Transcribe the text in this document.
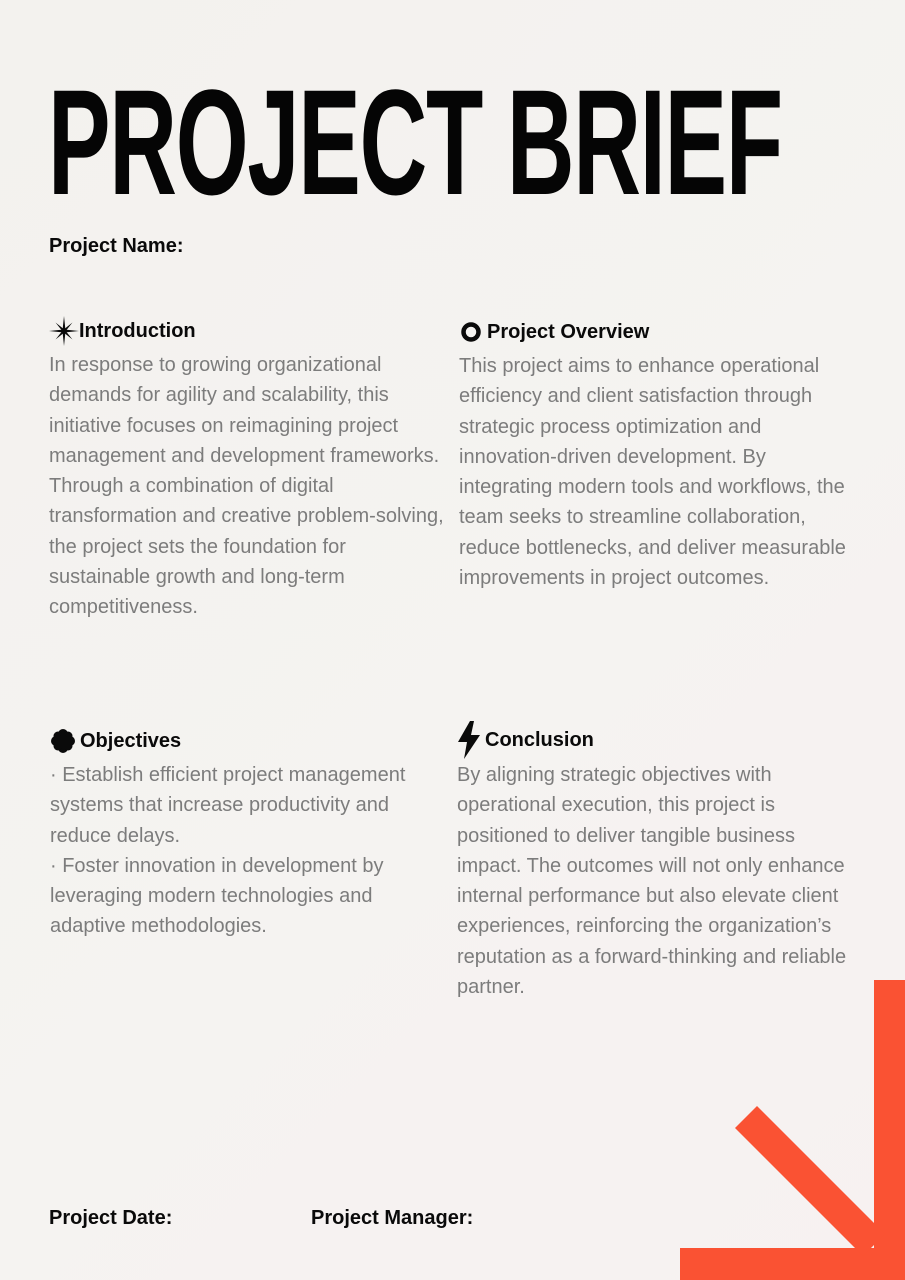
PROJECT BRIEF
Project Name:
Introduction

In response to growing organizational demands for agility and scalability, this initiative focuses on reimagining project management and development frameworks. Through a combination of digital transformation and creative problem-solving, the project sets the foundation for sustainable growth and long-term competitiveness.

Project Overview

This project aims to enhance operational efficiency and client satisfaction through strategic process optimization and innovation-driven development. By integrating modern tools and workflows, the team seeks to streamline collaboration, reduce bottlenecks, and deliver measurable improvements in project outcomes.

Objectives

· Establish efficient project management systems that increase productivity and reduce delays.
· Foster innovation in development by leveraging modern technologies and adaptive methodologies.

Conclusion

By aligning strategic objectives with operational execution, this project is positioned to deliver tangible business impact. The outcomes will not only enhance internal performance but also elevate client experiences, reinforcing the organization’s reputation as a forward-thinking and reliable partner.

Project Date:	Project Manager:
